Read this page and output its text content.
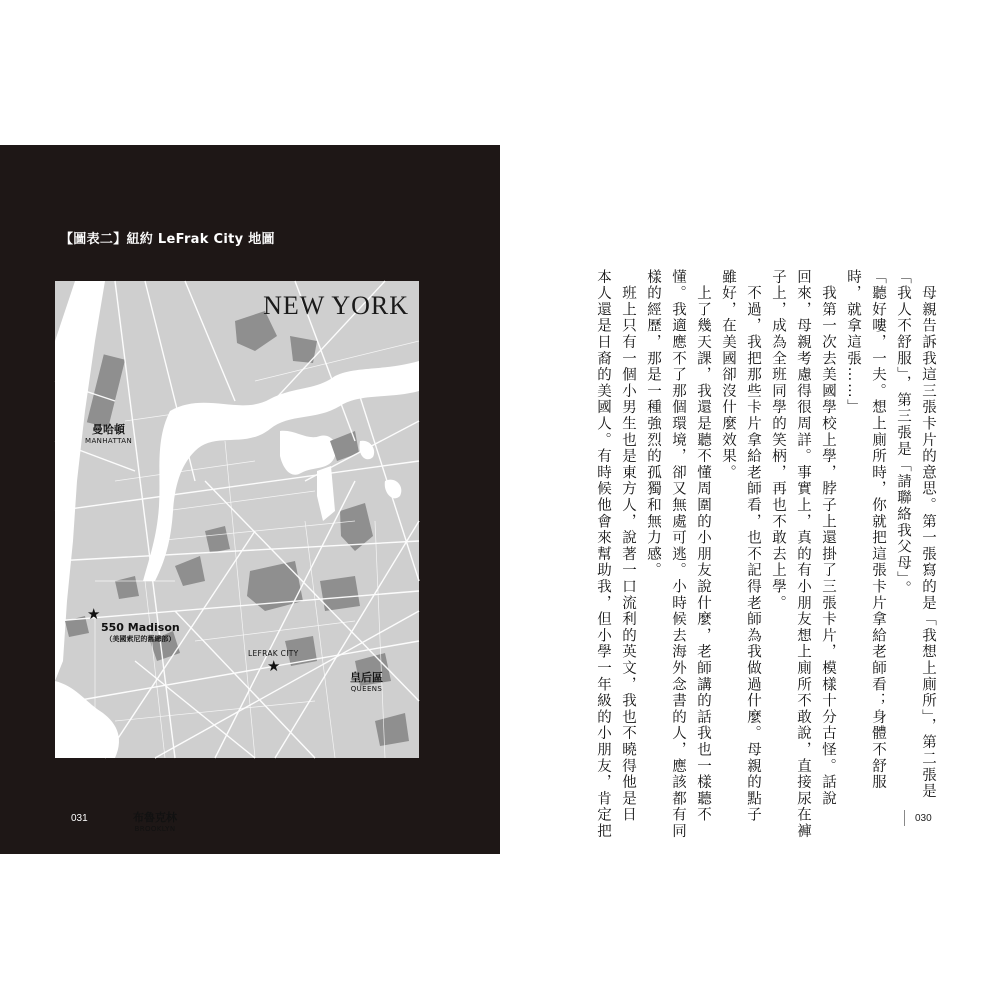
【圖表二】紐約 LeFrak City 地圖
NEW YORK
曼哈頓
MANHATTAN
★
550 Madison
（美國索尼的舊總部）
LEFRAK CITY
★
皇后區
QUEENS
布魯克林
BROOKLYN
031
　母親告訴我這三張卡片的意思。第一張寫的是「我想上廁所」，第二張是
「我人不舒服」，第三張是「請聯絡我父母」。
「聽好嘍，一夫。想上廁所時，你就把這張卡片拿給老師看；身體不舒服
時，就拿這張……」
　我第一次去美國學校上學，脖子上還掛了三張卡片，模樣十分古怪。話說
回來，母親考慮得很周詳。事實上，真的有小朋友想上廁所不敢說，直接尿在褲
子上，成為全班同學的笑柄，再也不敢去上學。
　不過，我把那些卡片拿給老師看，也不記得老師為我做過什麼。母親的點子
雖好，在美國卻沒什麼效果。
　上了幾天課，我還是聽不懂周圍的小朋友說什麼，老師講的話我也一樣聽不
懂。我適應不了那個環境，卻又無處可逃。小時候去海外念書的人，應該都有同
樣的經歷，那是一種強烈的孤獨和無力感。
　班上只有一個小男生也是東方人，說著一口流利的英文，我也不曉得他是日
本人還是日裔的美國人。有時候他會來幫助我，但小學一年級的小朋友，肯定把	030
